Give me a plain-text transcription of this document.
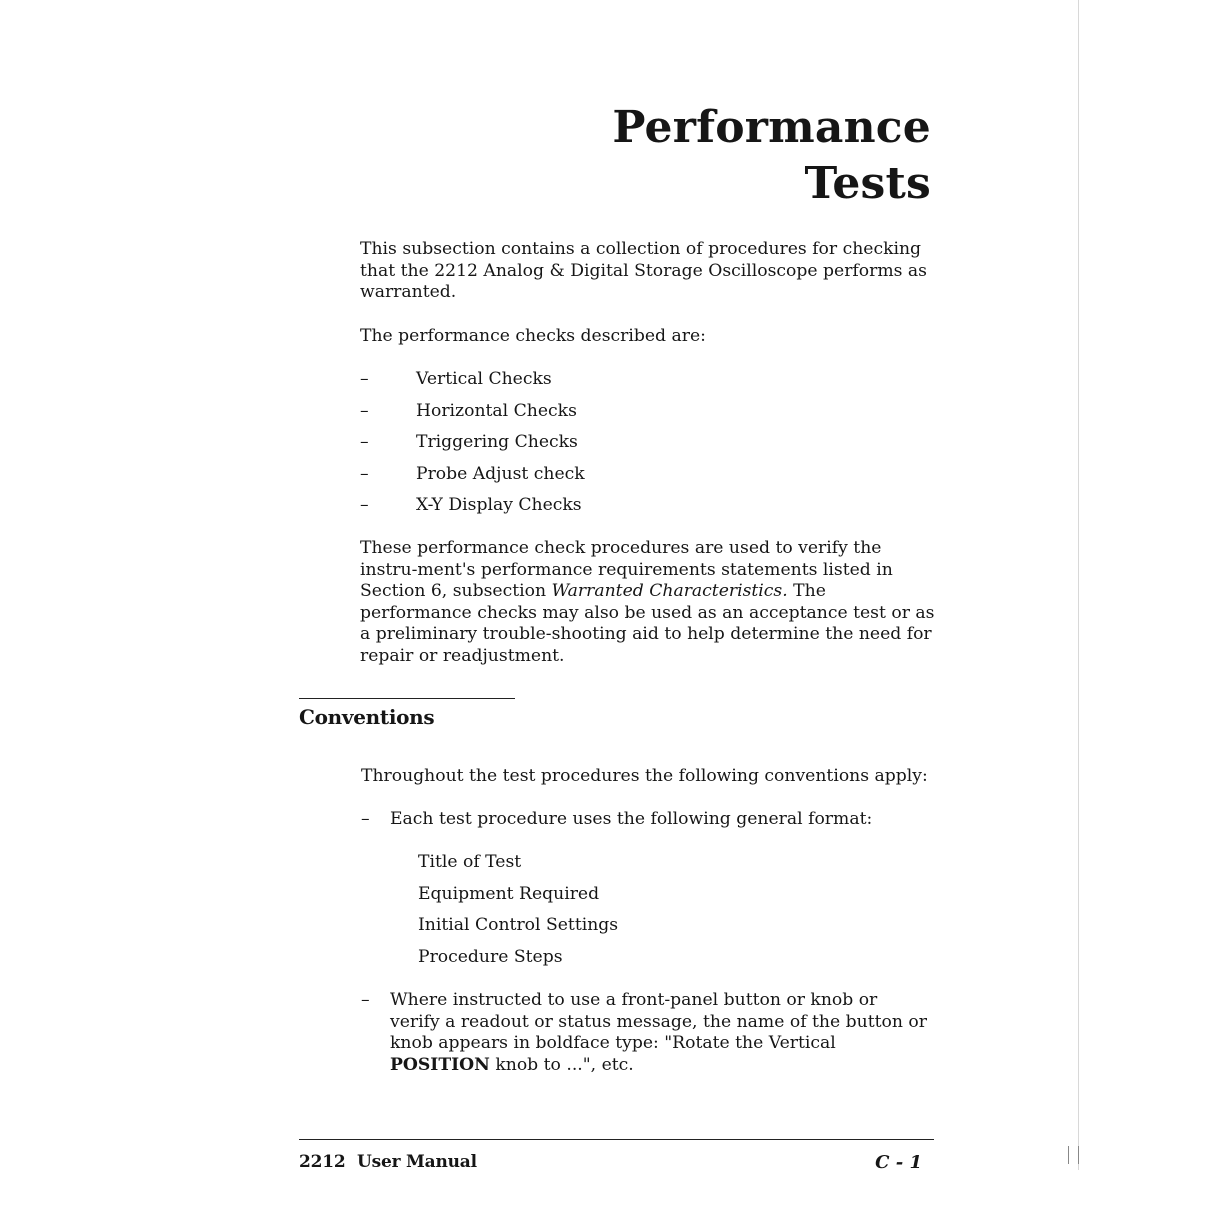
Performance
Tests

This subsection contains a collection of procedures for checking that the 2212 Analog & Digital Storage Oscilloscope performs as warranted.

The performance checks described are:

–	Vertical Checks
–	Horizontal Checks
–	Triggering Checks
–	Probe Adjust check
–	X-Y Display Checks

These performance check procedures are used to verify the instru-ment's performance requirements statements listed in Section 6, subsection Warranted Characteristics. The performance checks may also be used as an acceptance test or as a preliminary trouble-shooting aid to help determine the need for repair or readjustment.

Conventions

Throughout the test procedures the following conventions apply:

– Each test procedure uses the following general format:
Title of Test
Equipment Required
Initial Control Settings
Procedure Steps
– Where instructed to use a front-panel button or knob or verify a readout or status message, the name of the button or knob appears in boldface type: "Rotate the Vertical POSITION knob to ...", etc.
2212  User Manual	C - 1
